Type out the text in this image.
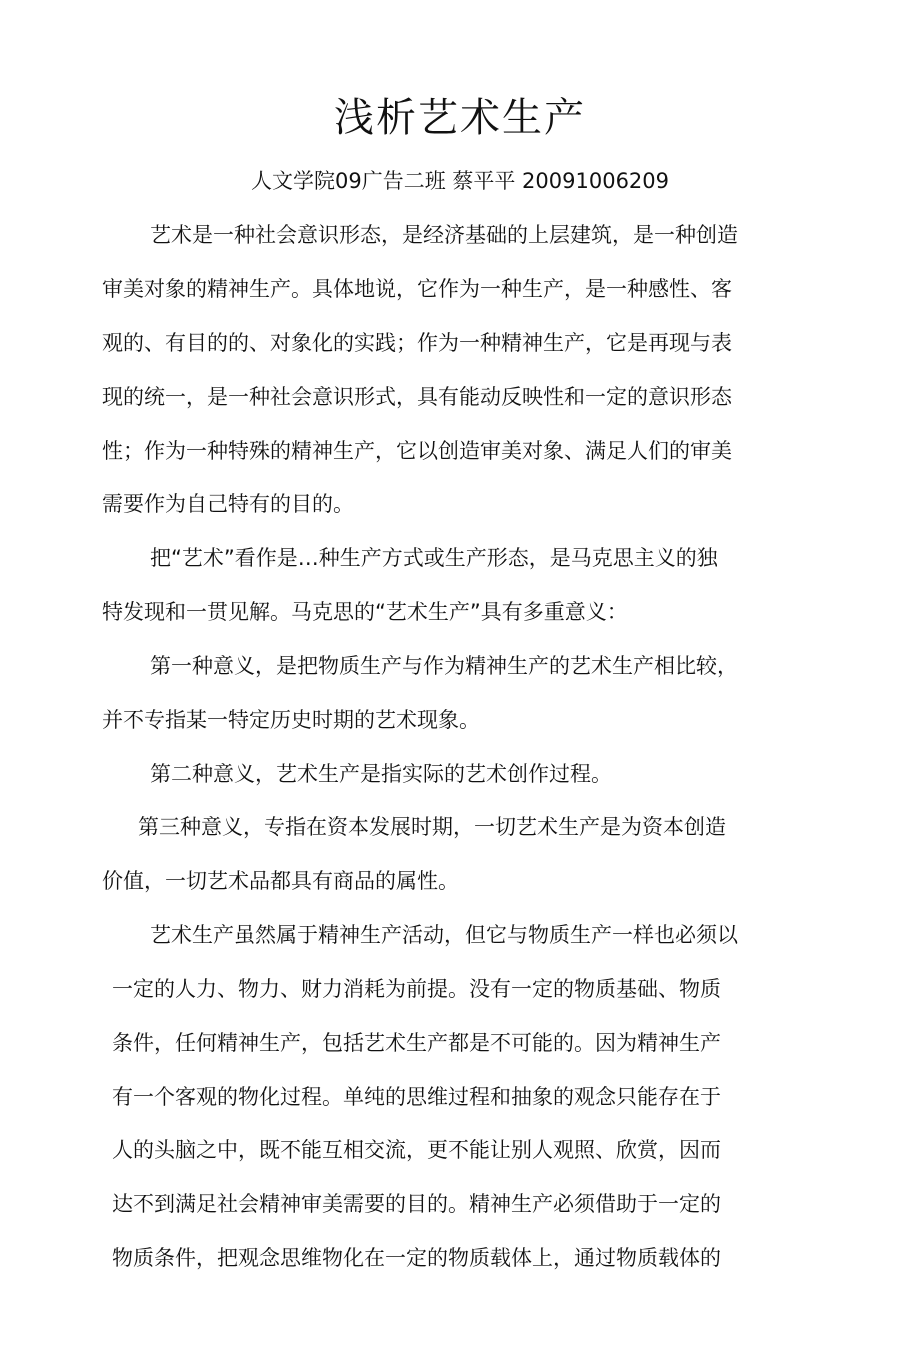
浅析艺术生产
人文学院09广告二班 蔡平平 20091006209
艺术是一种社会意识形态，是经济基础的上层建筑，是一种创造
审美对象的精神生产。具体地说，它作为一种生产，是一种感性、客
观的、有目的的、对象化的实践；作为一种精神生产，它是再现与表
现的统一，是一种社会意识形式，具有能动反映性和一定的意识形态
性；作为一种特殊的精神生产，它以创造审美对象、满足人们的审美
需要作为自己特有的目的。
把“艺术”看作是…种生产方式或生产形态，是马克思主义的独
特发现和一贯见解。马克思的“艺术生产”具有多重意义：
第一种意义，是把物质生产与作为精神生产的艺术生产相比较，
并不专指某一特定历史时期的艺术现象。
第二种意义，艺术生产是指实际的艺术创作过程。
第三种意义，专指在资本发展时期，一切艺术生产是为资本创造
价值，一切艺术品都具有商品的属性。
艺术生产虽然属于精神生产活动，但它与物质生产一样也必须以
一定的人力、物力、财力消耗为前提。没有一定的物质基础、物质
条件，任何精神生产，包括艺术生产都是不可能的。因为精神生产
有一个客观的物化过程。单纯的思维过程和抽象的观念只能存在于
人的头脑之中，既不能互相交流，更不能让别人观照、欣赏，因而
达不到满足社会精神审美需要的目的。精神生产必须借助于一定的
物质条件，把观念思维物化在一定的物质载体上，通过物质载体的
